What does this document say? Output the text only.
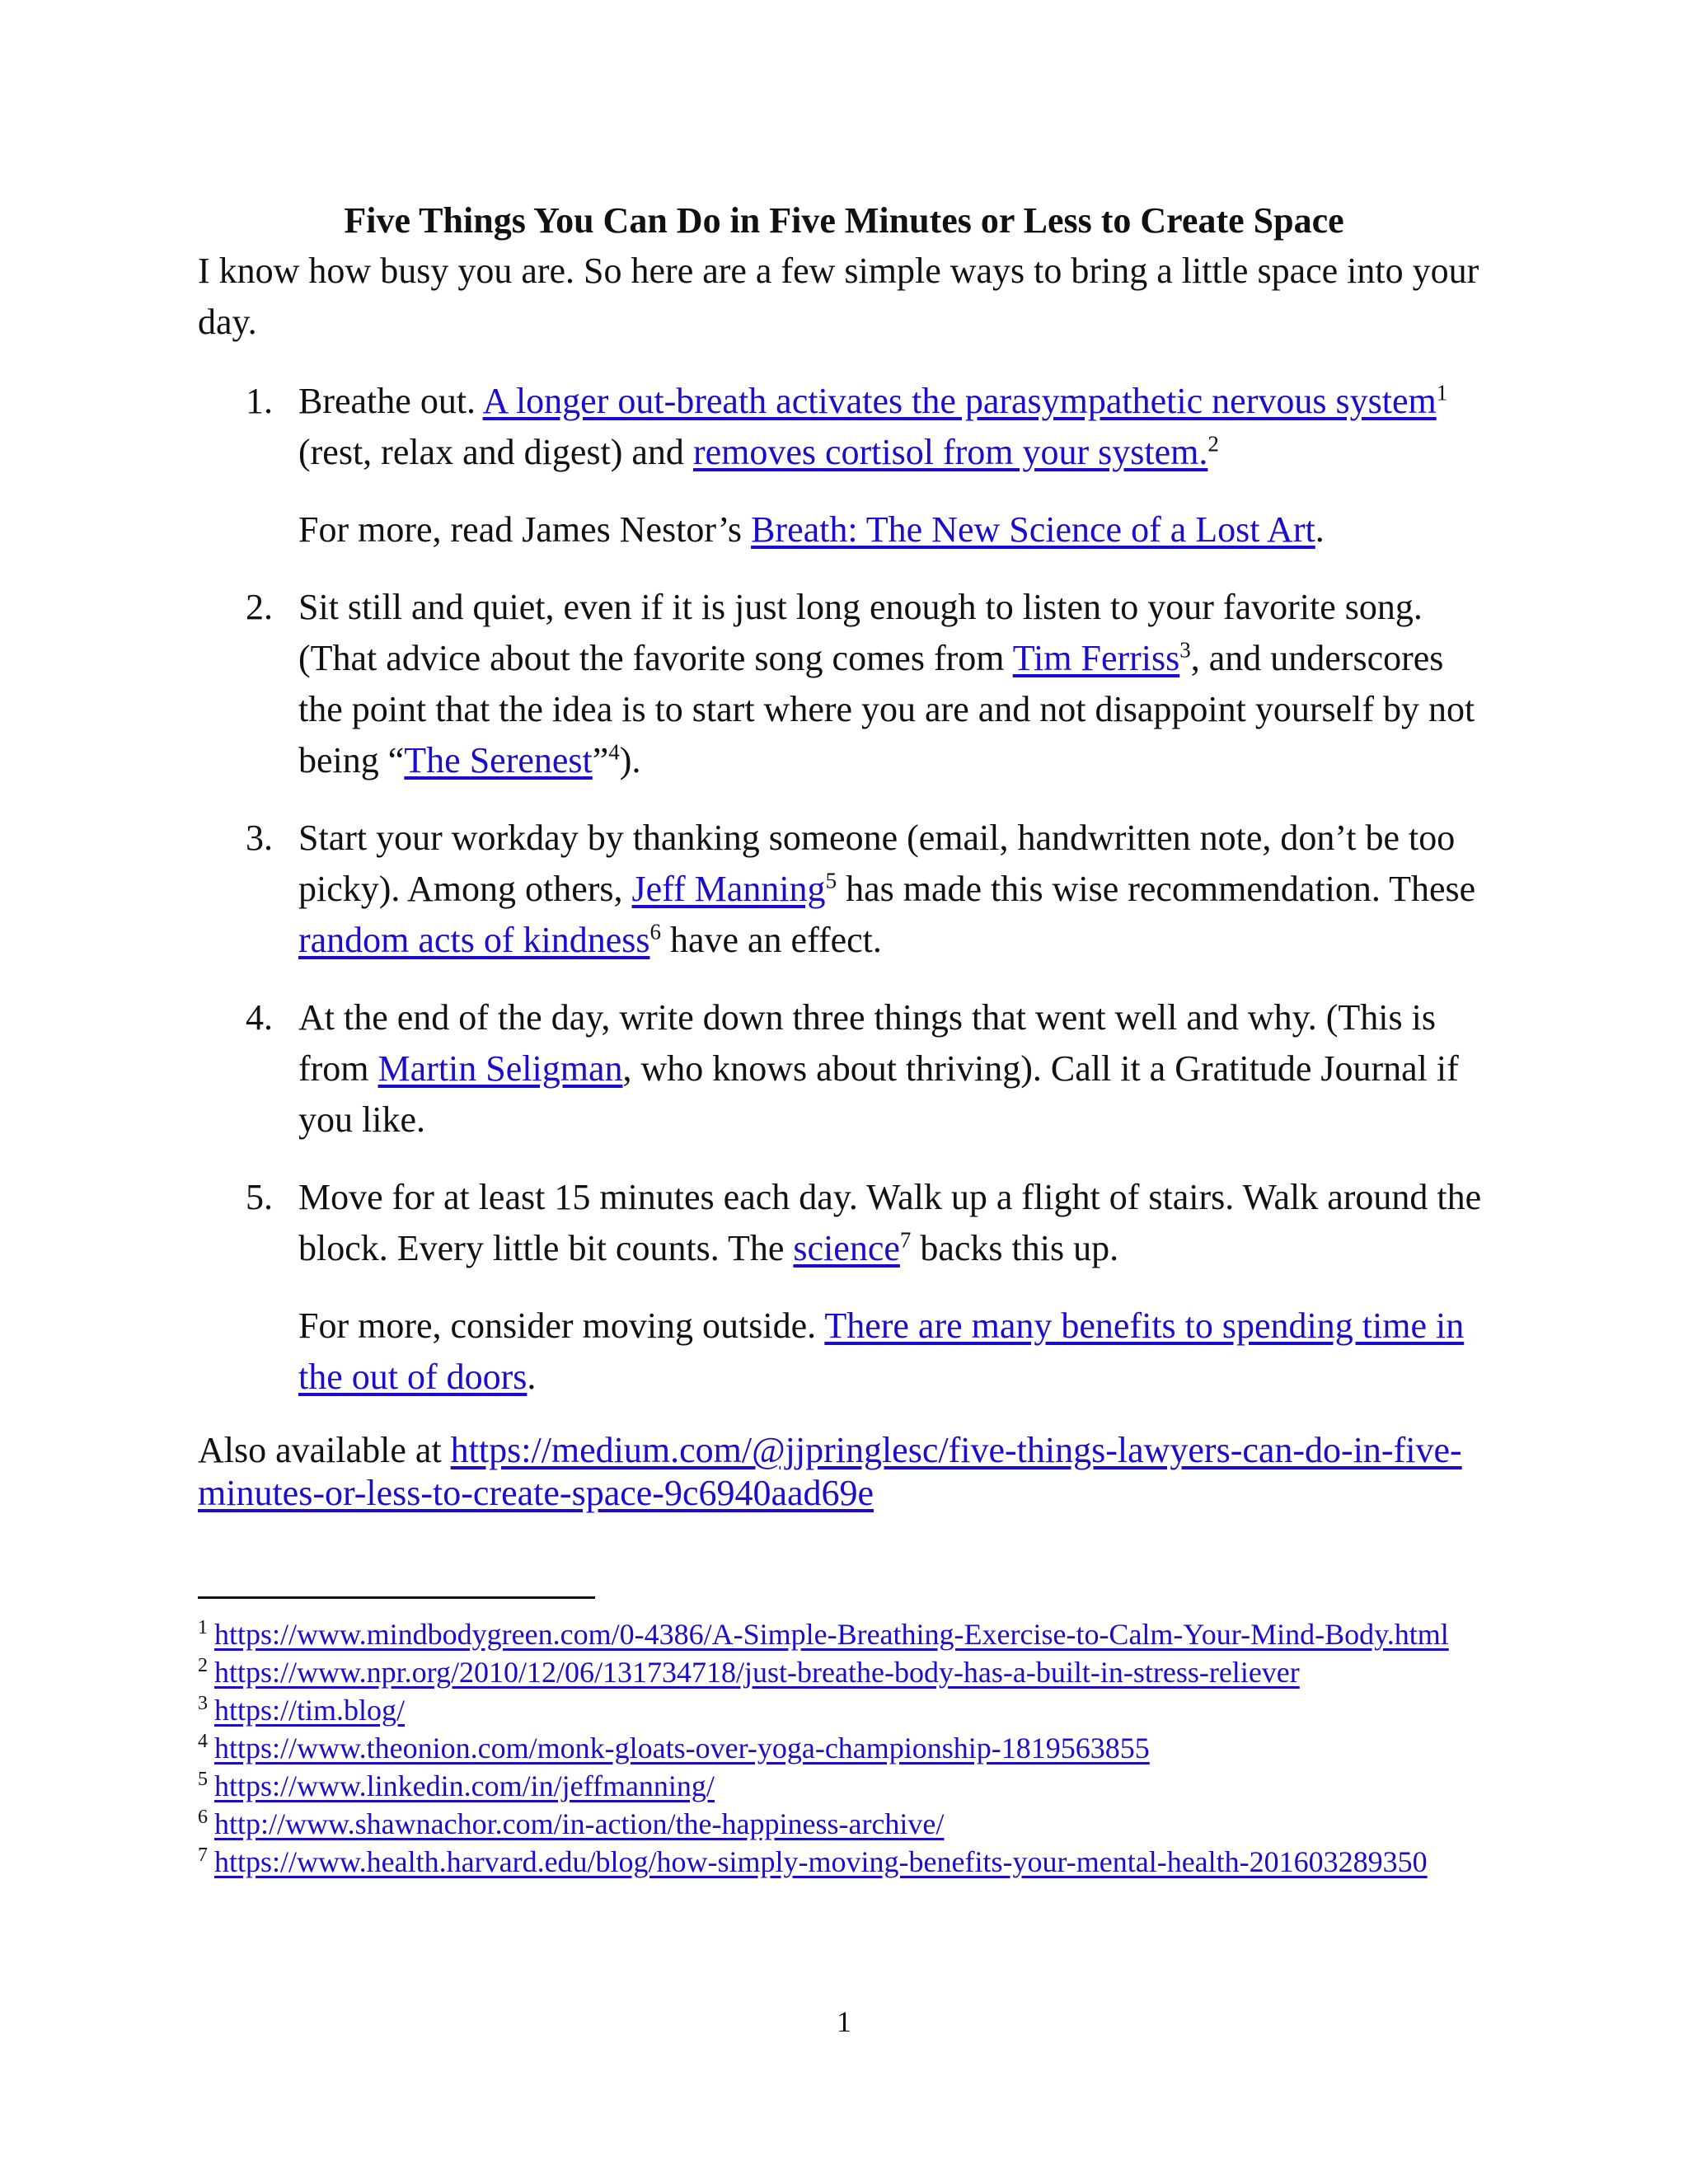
Five Things You Can Do in Five Minutes or Less to Create Space

I know how busy you are. So here are a few simple ways to bring a little space into your day.

1. Breathe out. A longer out-breath activates the parasympathetic nervous system$^1$ (rest, relax and digest) and removes cortisol from your system.$^2$

For more, read James Nestor’s Breath: The New Science of a Lost Art.

2. Sit still and quiet, even if it is just long enough to listen to your favorite song. (That advice about the favorite song comes from Tim Ferriss$^3$, and underscores the point that the idea is to start where you are and not disappoint yourself by not being “The Serenest”$^4$).

3. Start your workday by thanking someone (email, handwritten note, don’t be too picky). Among others, Jeff Manning$^5$ has made this wise recommendation. These random acts of kindness$^6$ have an effect.

4. At the end of the day, write down three things that went well and why. (This is from Martin Seligman, who knows about thriving). Call it a Gratitude Journal if you like.

5. Move for at least 15 minutes each day. Walk up a flight of stairs. Walk around the block. Every little bit counts. The science$^7$ backs this up.

For more, consider moving outside. There are many benefits to spending time in the out of doors.

Also available at https://medium.com/@jjpringlesc/five-things-lawyers-can-do-in-five-minutes-or-less-to-create-space-9c6940aad69e

$^1$ https://www.mindbodygreen.com/0-4386/A-Simple-Breathing-Exercise-to-Calm-Your-Mind-Body.html

$^2$ https://www.npr.org/2010/12/06/131734718/just-breathe-body-has-a-built-in-stress-reliever

$^3$ https://tim.blog/

$^4$ https://www.theonion.com/monk-gloats-over-yoga-championship-1819563855

$^5$ https://www.linkedin.com/in/jeffmanning/

$^6$ http://www.shawnachor.com/in-action/the-happiness-archive/

$^7$ https://www.health.harvard.edu/blog/how-simply-moving-benefits-your-mental-health-201603289350

1
